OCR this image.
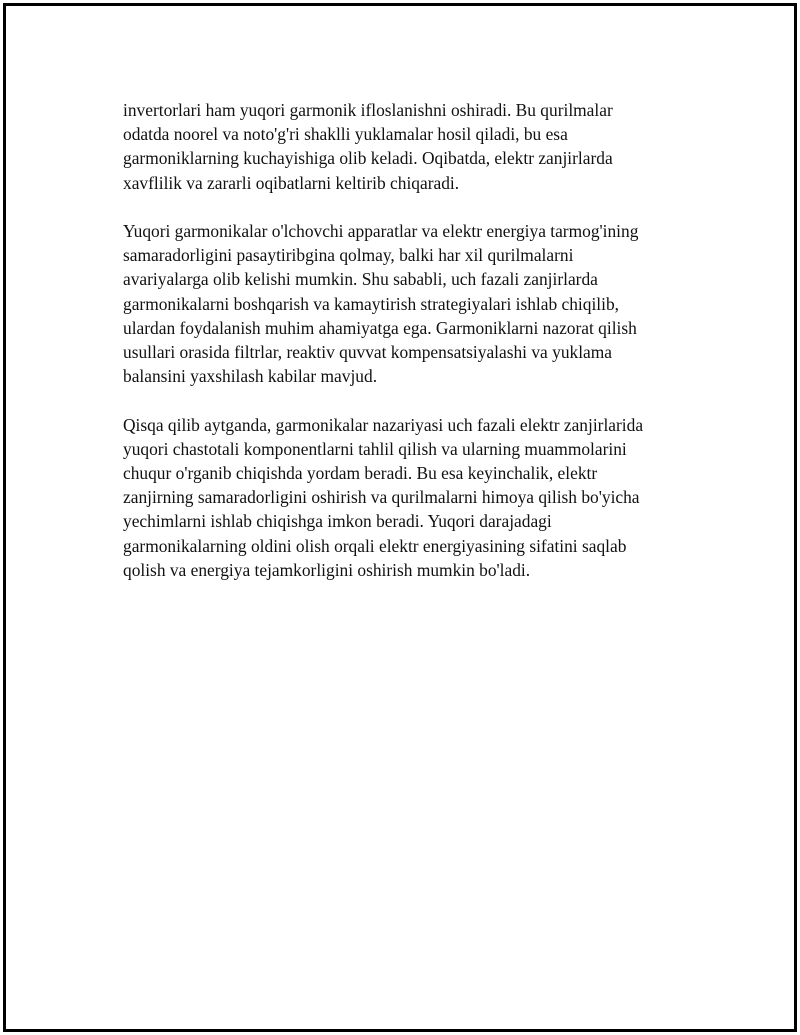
invertorlari ham yuqori garmonik ifloslanishni oshiradi. Bu qurilmalar
odatda noorel va noto'g'ri shaklli yuklamalar hosil qiladi, bu esa
garmoniklarning kuchayishiga olib keladi. Oqibatda, elektr zanjirlarda
xavflilik va zararli oqibatlarni keltirib chiqaradi.

Yuqori garmonikalar o'lchovchi apparatlar va elektr energiya tarmog'ining
samaradorligini pasaytiribgina qolmay, balki har xil qurilmalarni
avariyalarga olib kelishi mumkin. Shu sababli, uch fazali zanjirlarda
garmonikalarni boshqarish va kamaytirish strategiyalari ishlab chiqilib,
ulardan foydalanish muhim ahamiyatga ega. Garmoniklarni nazorat qilish
usullari orasida filtrlar, reaktiv quvvat kompensatsiyalashi va yuklama
balansini yaxshilash kabilar mavjud.

Qisqa qilib aytganda, garmonikalar nazariyasi uch fazali elektr zanjirlarida
yuqori chastotali komponentlarni tahlil qilish va ularning muammolarini
chuqur o'rganib chiqishda yordam beradi. Bu esa keyinchalik, elektr
zanjirning samaradorligini oshirish va qurilmalarni himoya qilish bo'yicha
yechimlarni ishlab chiqishga imkon beradi. Yuqori darajadagi
garmonikalarning oldini olish orqali elektr energiyasining sifatini saqlab
qolish va energiya tejamkorligini oshirish mumkin bo'ladi.
